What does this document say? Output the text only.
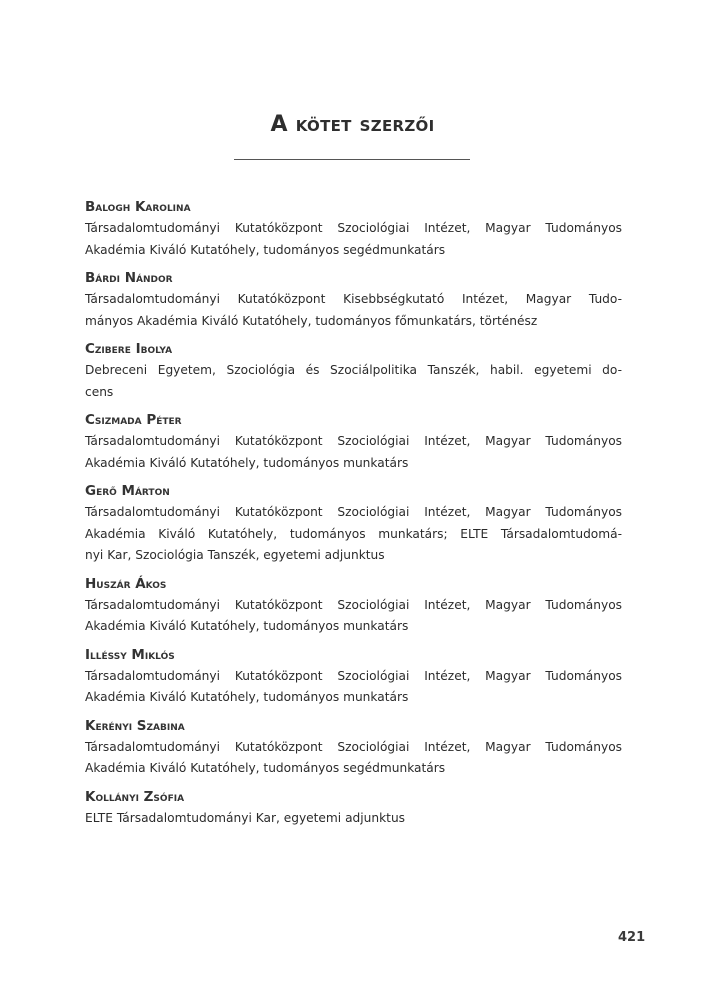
A kötet szerzői
Balogh Karolina
Társadalomtudományi Kutatóközpont Szociológiai Intézet, Magyar Tudományos
Akadémia Kiváló Kutatóhely, tudományos segédmunkatárs
Bárdi Nándor
Társadalomtudományi Kutatóközpont Kisebbségkutató Intézet, Magyar Tudo-
mányos Akadémia Kiváló Kutatóhely, tudományos főmunkatárs, történész
Czibere Ibolya
Debreceni Egyetem, Szociológia és Szociálpolitika Tanszék, habil. egyetemi do-
cens
Csizmada Péter
Társadalomtudományi Kutatóközpont Szociológiai Intézet, Magyar Tudományos
Akadémia Kiváló Kutatóhely, tudományos munkatárs
Gerő Márton
Társadalomtudományi Kutatóközpont Szociológiai Intézet, Magyar Tudományos
Akadémia Kiváló Kutatóhely, tudományos munkatárs; ELTE Társadalomtudomá-
nyi Kar, Szociológia Tanszék, egyetemi adjunktus
Huszár Ákos
Társadalomtudományi Kutatóközpont Szociológiai Intézet, Magyar Tudományos
Akadémia Kiváló Kutatóhely, tudományos munkatárs
Illéssy Miklós
Társadalomtudományi Kutatóközpont Szociológiai Intézet, Magyar Tudományos
Akadémia Kiváló Kutatóhely, tudományos munkatárs
Kerényi Szabina
Társadalomtudományi Kutatóközpont Szociológiai Intézet, Magyar Tudományos
Akadémia Kiváló Kutatóhely, tudományos segédmunkatárs
Kollányi Zsófia
ELTE Társadalomtudományi Kar, egyetemi adjunktus
421
